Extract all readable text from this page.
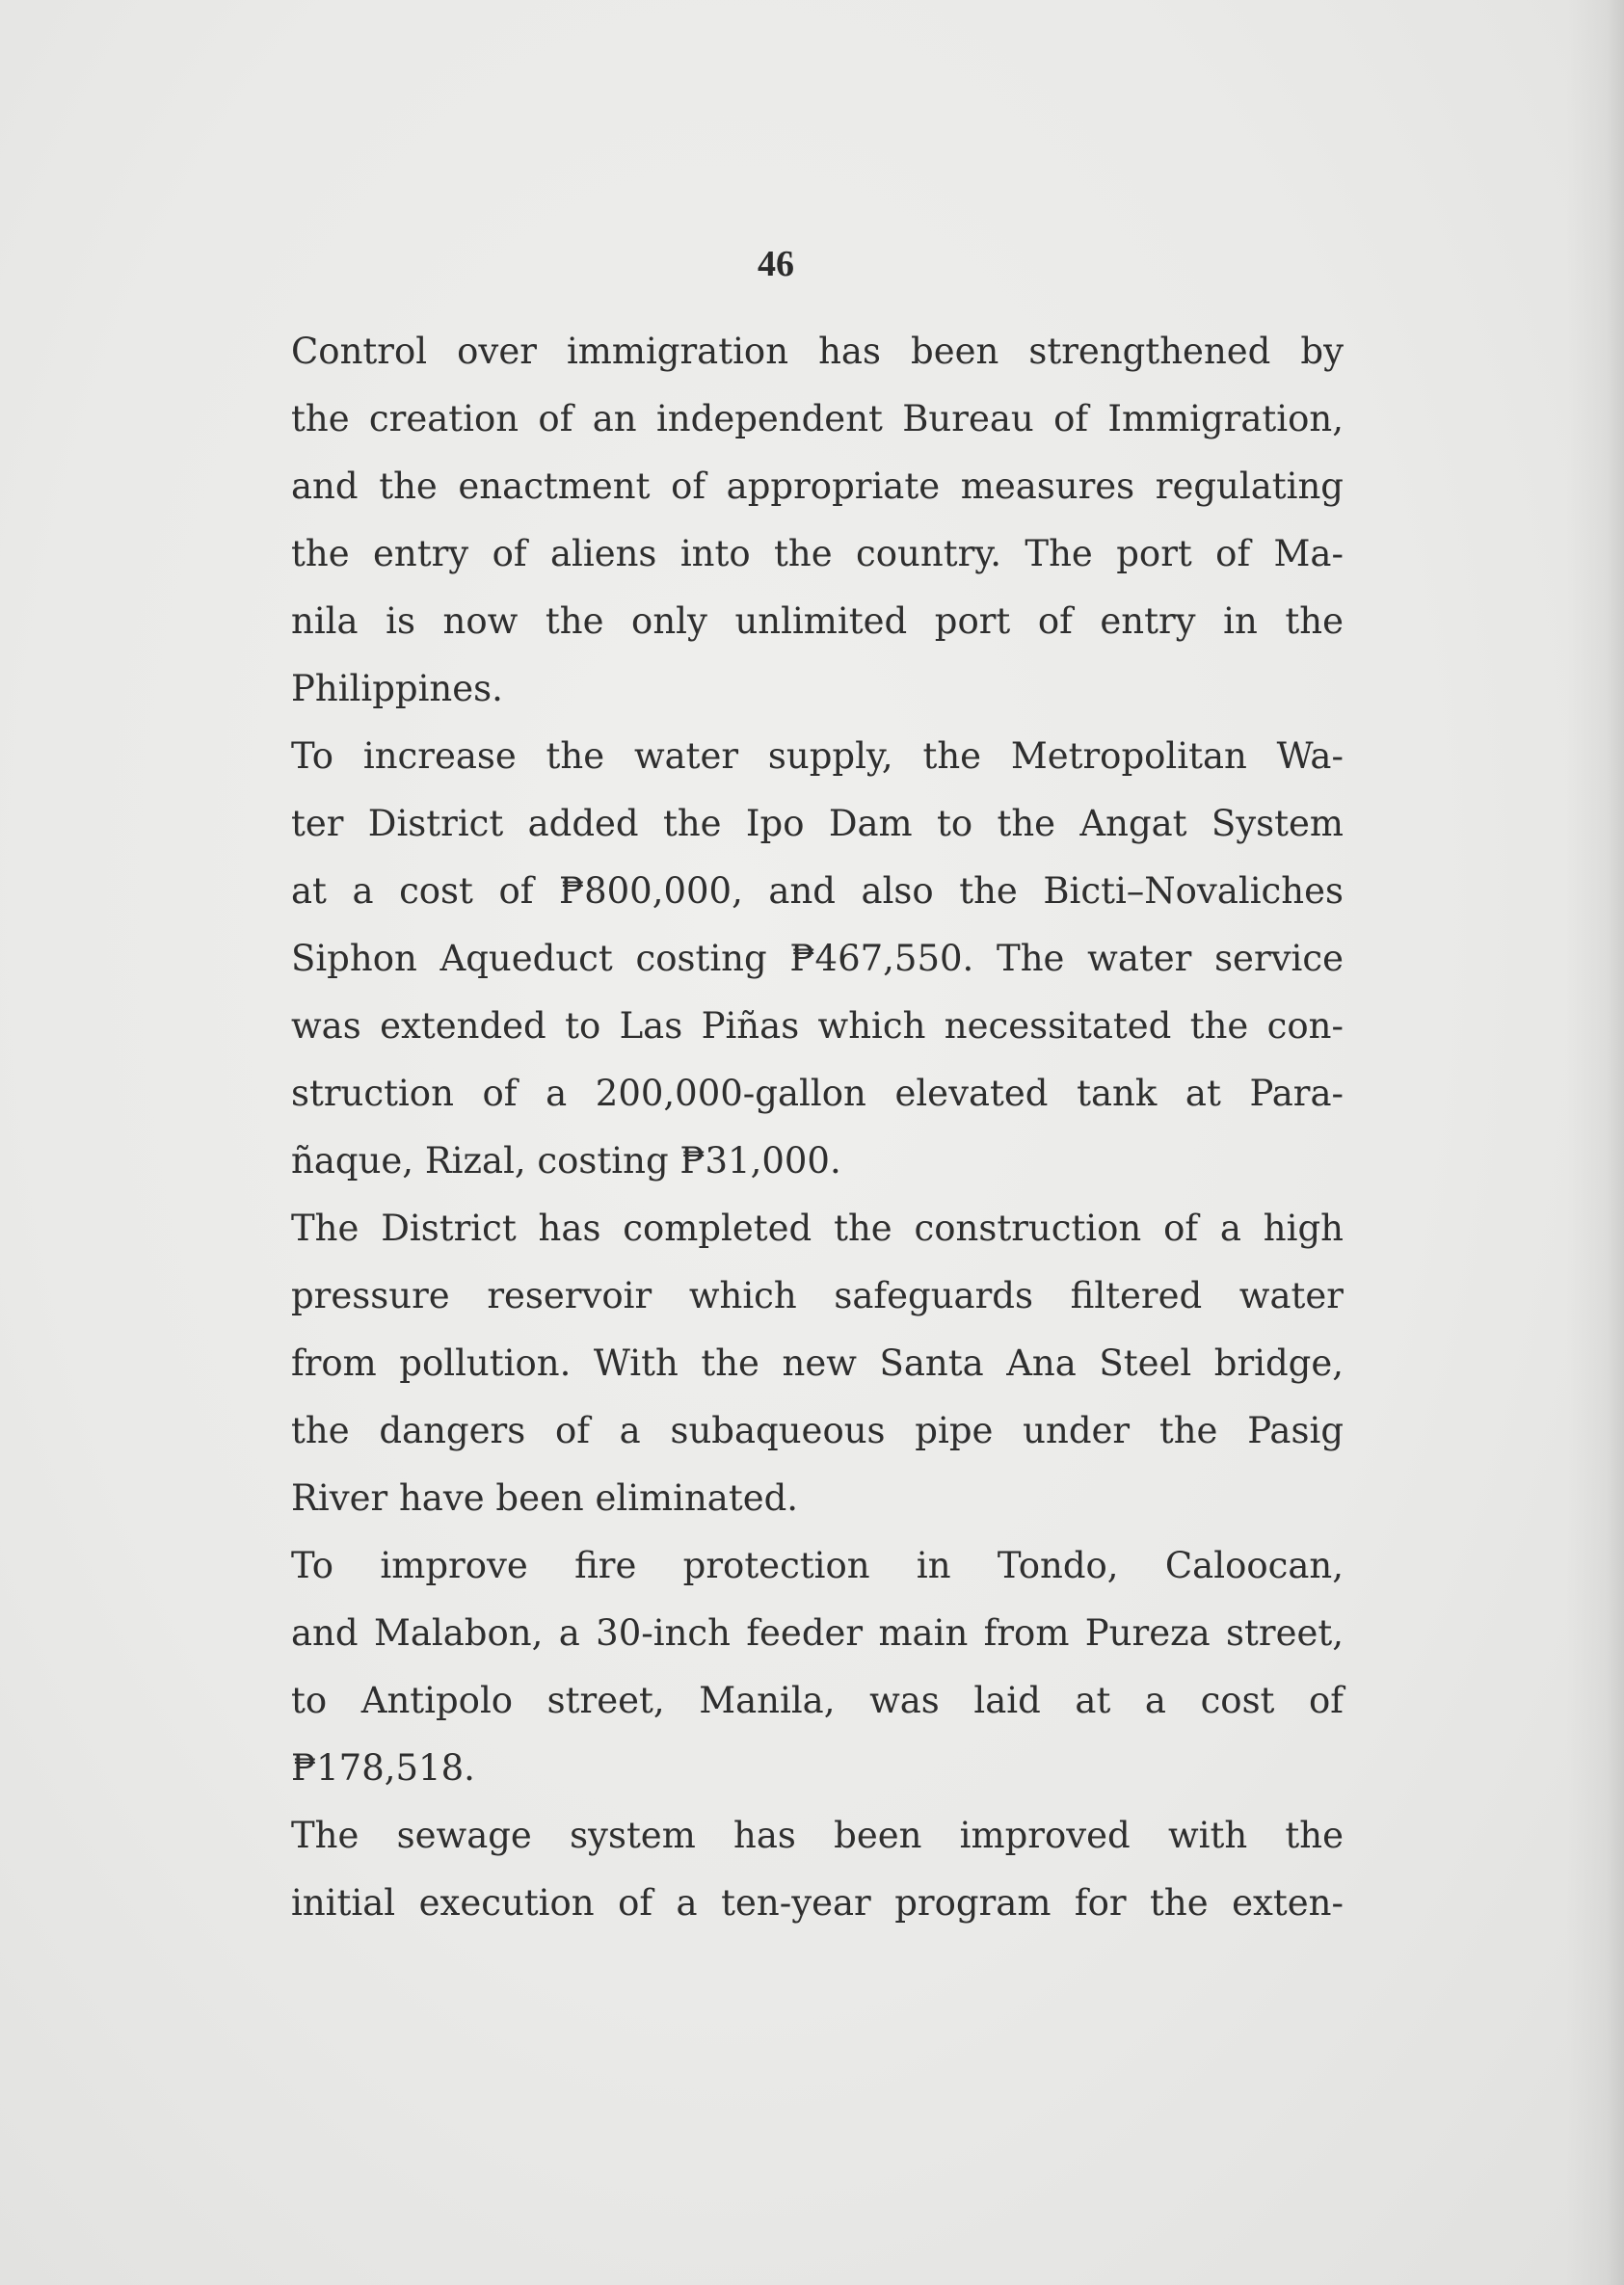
46

Control over immigration has been strengthened by
the creation of an independent Bureau of Immigration,
and the enactment of appropriate measures regulating
the entry of aliens into the country. The port of Ma-
nila is now the only unlimited port of entry in the
Philippines.

To increase the water supply, the Metropolitan Wa-
ter District added the Ipo Dam to the Angat System
at a cost of ₱800,000, and also the Bicti–Novaliches
Siphon Aqueduct costing ₱467,550. The water service
was extended to Las Piñas which necessitated the con-
struction of a 200,000-gallon elevated tank at Para-
ñaque, Rizal, costing ₱31,000.

The District has completed the construction of a high
pressure reservoir which safeguards filtered water
from pollution. With the new Santa Ana Steel bridge,
the dangers of a subaqueous pipe under the Pasig
River have been eliminated.

To improve fire protection in Tondo, Caloocan,
and Malabon, a 30-inch feeder main from Pureza street,
to Antipolo street, Manila, was laid at a cost of
₱178,518.

The sewage system has been improved with the
initial execution of a ten-year program for the exten-
